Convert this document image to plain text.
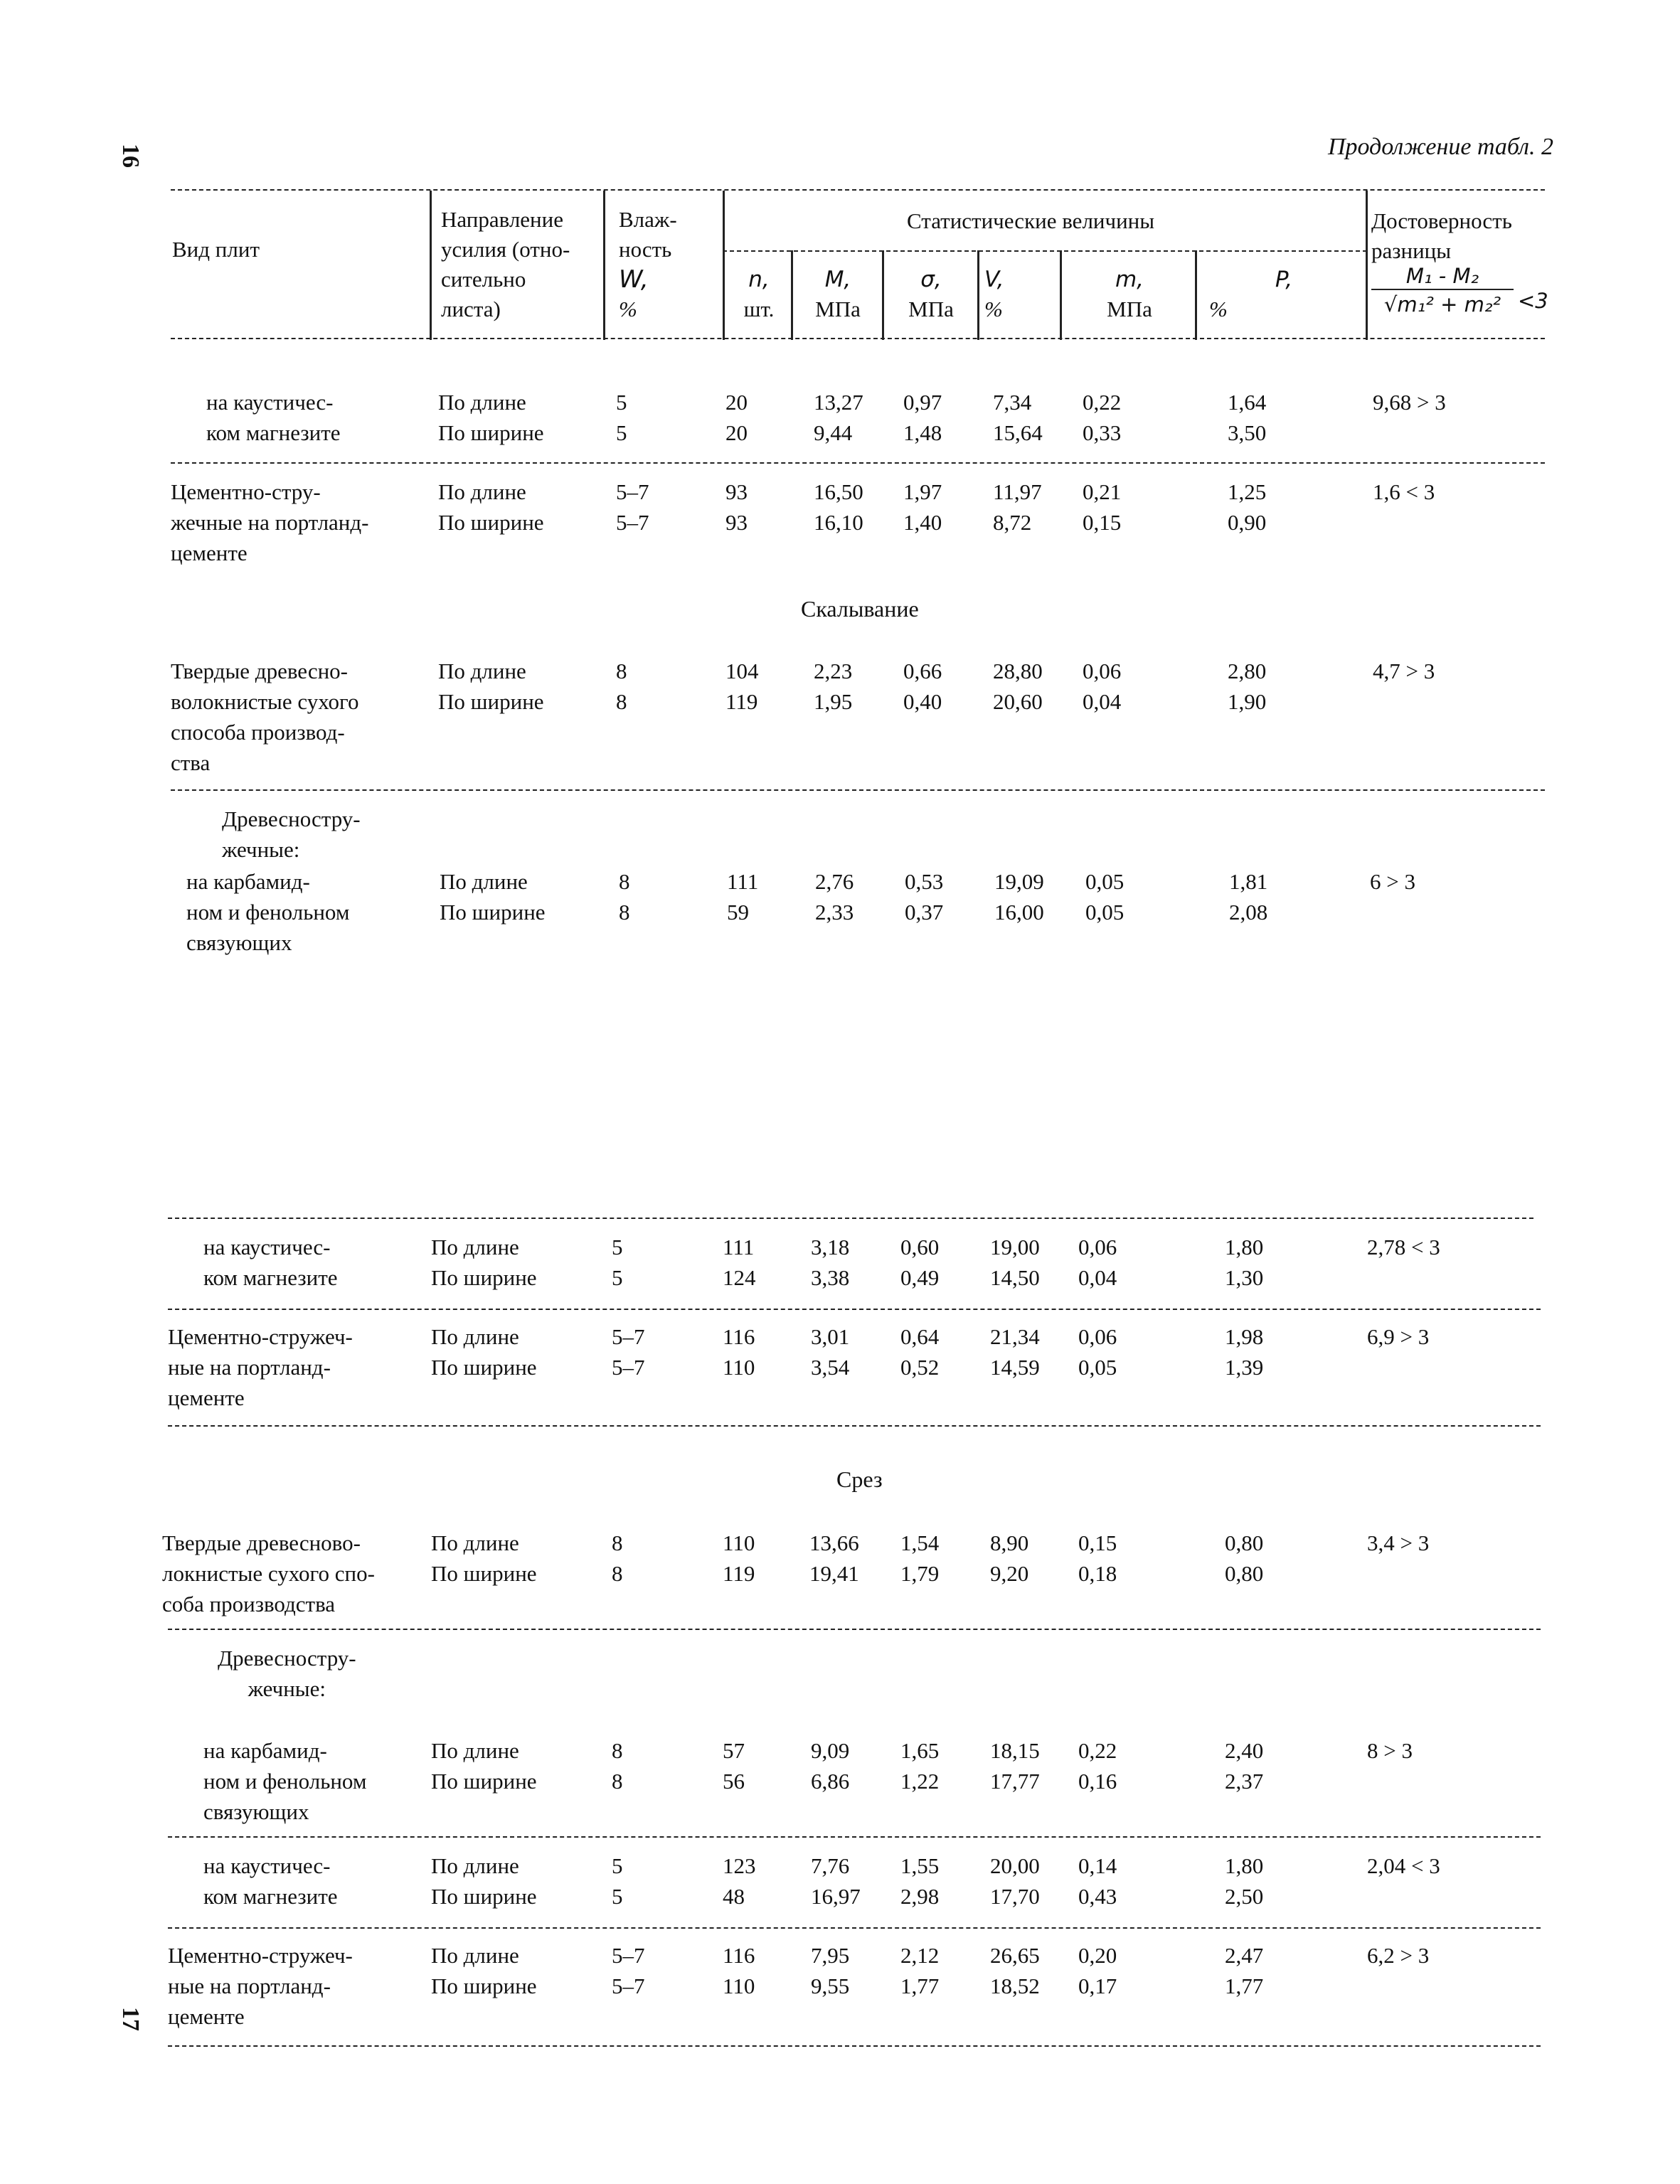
16
17
Продолжение табл. 2
Вид плит
Направление
усилия (отно-
сительно
листа)
Влаж-
ность
W,
%
Статистические величины
n,
шт.
M,
МПа
σ,
МПа
V,
%
m,
МПа
P,
%
Достоверность
разницы
M₁ - M₂
√m₁² + m₂² <3
на каустичес-
ком магнезите
По длине
По ширине
5
5
20
20
13,27
9,44
0,97
1,48
7,34
15,64
0,22
0,33
1,64
3,50
9,68 > 3
Цементно-стру-
жечные на портланд-
цементе
По длине
По ширине
5–7
5–7
93
93
16,50
16,10
1,97
1,40
11,97
8,72
0,21
0,15
1,25
0,90
1,6 < 3
Скалывание
Твердые древесно-
волокнистые сухого
способа производ-
ства
По длине
По ширине
8
8
104
119
2,23
1,95
0,66
0,40
28,80
20,60
0,06
0,04
2,80
1,90
4,7 > 3
Древесностру-
жечные:
на карбамид-
ном и фенольном
связующих
По длине
По ширине
8
8
111
59
2,76
2,33
0,53
0,37
19,09
16,00
0,05
0,05
1,81
2,08
6 > 3
на каустичес-
ком магнезите
По длине
По ширине
5
5
111
124
3,18
3,38
0,60
0,49
19,00
14,50
0,06
0,04
1,80
1,30
2,78 < 3
Цементно-стружеч-
ные на портланд-
цементе
По длине
По ширине
5–7
5–7
116
110
3,01
3,54
0,64
0,52
21,34
14,59
0,06
0,05
1,98
1,39
6,9 > 3
Срез
Твердые древесново-
локнистые сухого спо-
соба производства
По длине
По ширине
8
8
110
119
13,66
19,41
1,54
1,79
8,90
9,20
0,15
0,18
0,80
0,80
3,4 > 3
Древесностру-
жечные:
на карбамид-
ном и фенольном
связующих
По длине
По ширине
8
8
57
56
9,09
6,86
1,65
1,22
18,15
17,77
0,22
0,16
2,40
2,37
8 > 3
на каустичес-
ком магнезите
По длине
По ширине
5
5
123
48
7,76
16,97
1,55
2,98
20,00
17,70
0,14
0,43
1,80
2,50
2,04 < 3
Цементно-стружеч-
ные на портланд-
цементе
По длине
По ширине
5–7
5–7
116
110
7,95
9,55
2,12
1,77
26,65
18,52
0,20
0,17
2,47
1,77
6,2 > 3
